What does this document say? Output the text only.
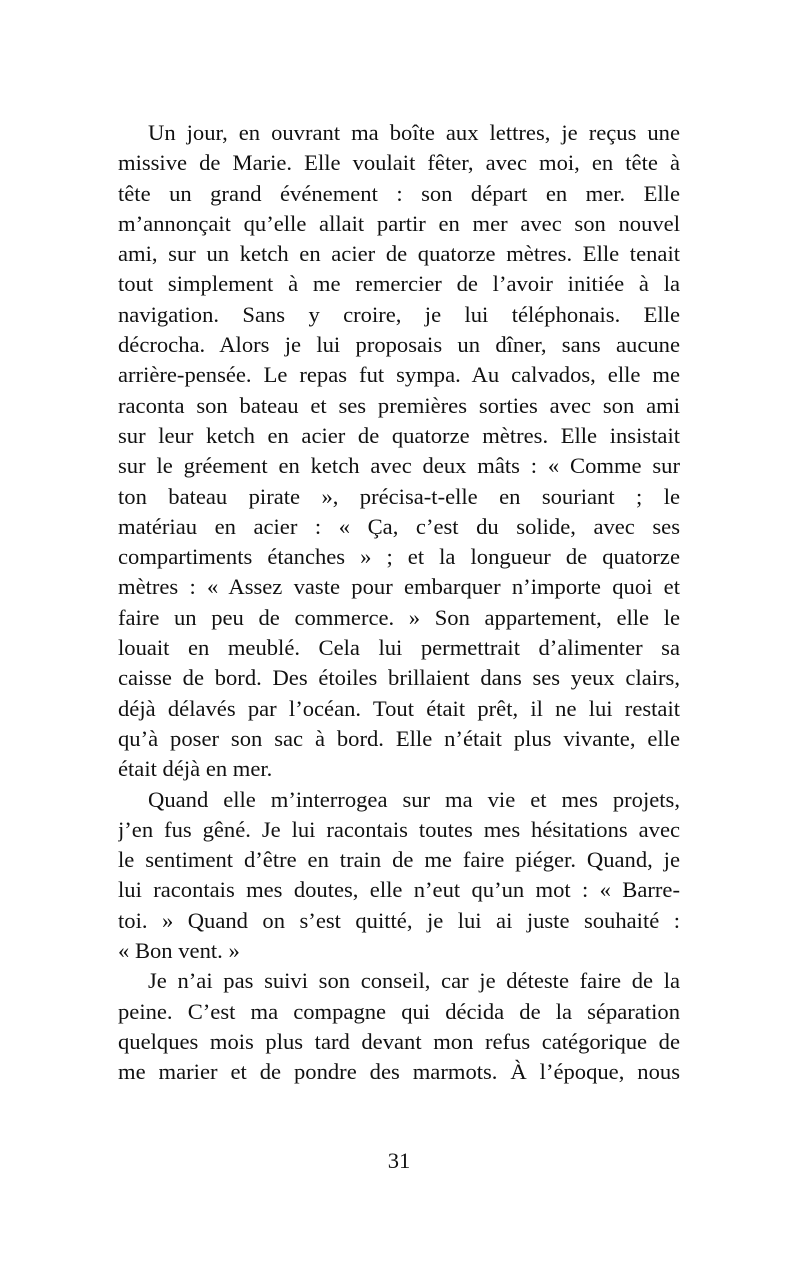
Un jour, en ouvrant ma boîte aux lettres, je reçus une
missive de Marie. Elle voulait fêter, avec moi, en tête à
tête un grand événement : son départ en mer. Elle
m’annonçait qu’elle allait partir en mer avec son nouvel
ami, sur un ketch en acier de quatorze mètres. Elle tenait
tout simplement à me remercier de l’avoir initiée à la
navigation. Sans y croire, je lui téléphonais. Elle
décrocha. Alors je lui proposais un dîner, sans aucune
arrière-pensée. Le repas fut sympa. Au calvados, elle me
raconta son bateau et ses premières sorties avec son ami
sur leur ketch en acier de quatorze mètres. Elle insistait
sur le gréement en ketch avec deux mâts : « Comme sur
ton bateau pirate », précisa-t-elle en souriant ; le
matériau en acier : « Ça, c’est du solide, avec ses
compartiments étanches » ; et la longueur de quatorze
mètres : « Assez vaste pour embarquer n’importe quoi et
faire un peu de commerce. » Son appartement, elle le
louait en meublé. Cela lui permettrait d’alimenter sa
caisse de bord. Des étoiles brillaient dans ses yeux clairs,
déjà délavés par l’océan. Tout était prêt, il ne lui restait
qu’à poser son sac à bord. Elle n’était plus vivante, elle
était déjà en mer.
Quand elle m’interrogea sur ma vie et mes projets,
j’en fus gêné. Je lui racontais toutes mes hésitations avec
le sentiment d’être en train de me faire piéger. Quand, je
lui racontais mes doutes, elle n’eut qu’un mot : « Barre-
toi. » Quand on s’est quitté, je lui ai juste souhaité :
« Bon vent. »
Je n’ai pas suivi son conseil, car je déteste faire de la
peine. C’est ma compagne qui décida de la séparation
quelques mois plus tard devant mon refus catégorique de
me marier et de pondre des marmots. À l’époque, nous
31
